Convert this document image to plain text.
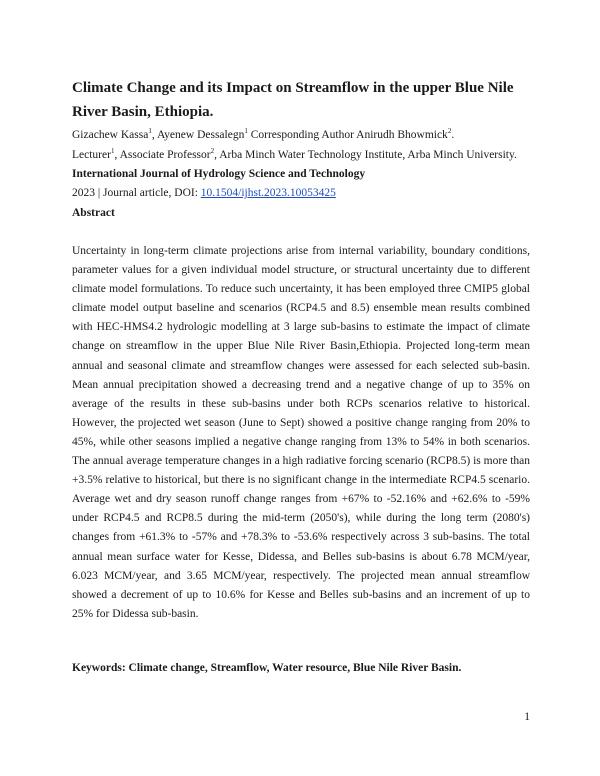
Climate Change and its Impact on Streamflow in the upper Blue Nile River Basin, Ethiopia.
Gizachew Kassa$^1$, Ayenew Dessalegn$^1$ Corresponding Author Anirudh Bhowmick$^2$.
Lecturer$^1$, Associate Professor$^2$, Arba Minch Water Technology Institute, Arba Minch University.
International Journal of Hydrology Science and Technology
2023 | Journal article, DOI: 10.1504/ijhst.2023.10053425
Abstract

Uncertainty in long-term climate projections arise from internal variability, boundary conditions, parameter values for a given individual model structure, or structural uncertainty due to different climate model formulations. To reduce such uncertainty, it has been employed three CMIP5 global climate model output baseline and scenarios (RCP4.5 and 8.5) ensemble mean results combined with HEC-HMS4.2 hydrologic modelling at 3 large sub-basins to estimate the impact of climate change on streamflow in the upper Blue Nile River Basin,Ethiopia. Projected long-term mean annual and seasonal climate and streamflow changes were assessed for each selected sub-basin. Mean annual precipitation showed a decreasing trend and a negative change of up to 35% on average of the results in these sub-basins under both RCPs scenarios relative to historical. However, the projected wet season (June to Sept) showed a positive change ranging from 20% to 45%, while other seasons implied a negative change ranging from 13% to 54% in both scenarios. The annual average temperature changes in a high radiative forcing scenario (RCP8.5) is more than +3.5% relative to historical, but there is no significant change in the intermediate RCP4.5 scenario. Average wet and dry season runoff change ranges from +67% to -52.16% and +62.6% to -59% under RCP4.5 and RCP8.5 during the mid-term (2050's), while during the long term (2080's) changes from +61.3% to -57% and +78.3% to -53.6% respectively across 3 sub-basins. The total annual mean surface water for Kesse, Didessa, and Belles sub-basins is about 6.78 MCM/year, 6.023 MCM/year, and 3.65 MCM/year, respectively. The projected mean annual streamflow showed a decrement of up to 10.6% for Kesse and Belles sub-basins and an increment of up to 25% for Didessa sub-basin.

Keywords: Climate change, Streamflow, Water resource, Blue Nile River Basin.
1
